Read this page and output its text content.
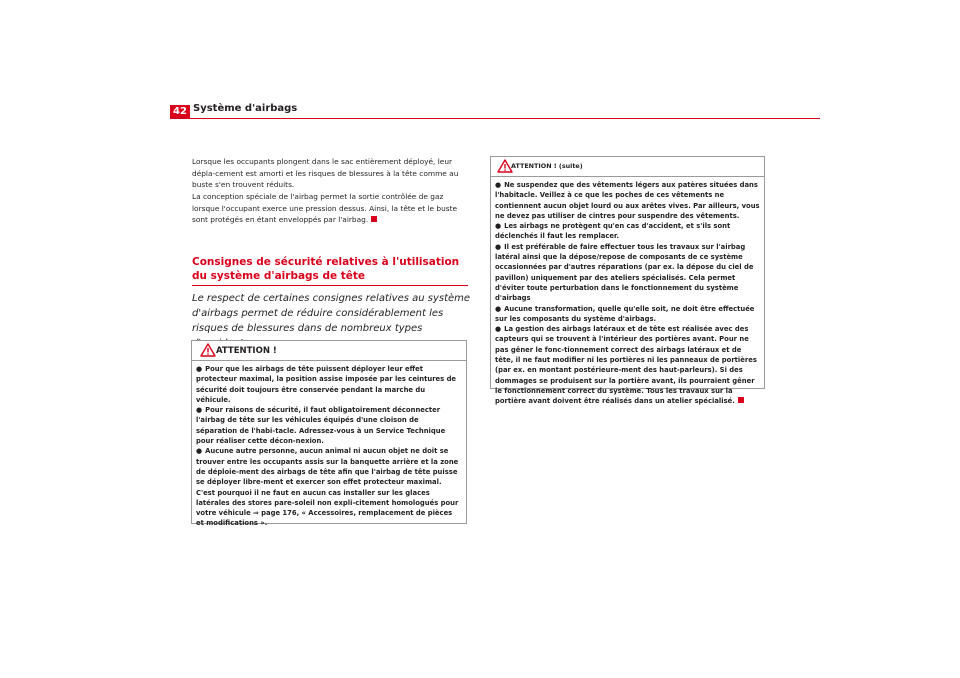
42 Système d'airbags

Lorsque les occupants plongent dans le sac entièrement déployé, leur dépla-cement est amorti et les risques de blessures à la tête comme au buste s'en trouvent réduits.

La conception spéciale de l'airbag permet la sortie contrôlée de gaz lorsque l'occupant exerce une pression dessus. Ainsi, la tête et le buste sont protégés en étant enveloppés par l'airbag.

Consignes de sécurité relatives à l'utilisation du système d'airbags de tête

Le respect de certaines consignes relatives au système d'airbags permet de réduire considérablement les risques de blessures dans de nombreux types

ATTENTION !

● Pour que les airbags de tête puissent déployer leur effet protecteur maximal, la position assise imposée par les ceintures de sécurité doit toujours être conservée pendant la marche du véhicule.

● Pour raisons de sécurité, il faut obligatoirement déconnecter l'airbag de tête sur les véhicules équipés d'une cloison de séparation de l'habi-tacle. Adressez-vous à un Service Technique pour réaliser cette décon-nexion.

● Aucune autre personne, aucun animal ni aucun objet ne doit se trouver entre les occupants assis sur la banquette arrière et la zone de déploie-ment des airbags de tête afin que l'airbag de tête puisse se déployer libre-ment et exercer son effet protecteur maximal. C'est pourquoi il ne faut en aucun cas installer sur les glaces latérales des stores pare-soleil non expli-citement homologués pour votre véhicule ⇒ page 176, « Accessoires, remplacement de pièces et modifications ».

ATTENTION ! (suite)

● Ne suspendez que des vêtements légers aux patères situées dans l'habitacle. Veillez à ce que les poches de ces vêtements ne contiennent aucun objet lourd ou aux arêtes vives. Par ailleurs, vous ne devez pas utiliser de cintres pour suspendre des vêtements.

● Les airbags ne protègent qu'en cas d'accident, et s'ils sont déclenchés il faut les remplacer.

● Il est préférable de faire effectuer tous les travaux sur l'airbag latéral ainsi que la dépose/repose de composants de ce système occasionnées par d'autres réparations (par ex. la dépose du ciel de pavillon) uniquement par des ateliers spécialisés. Cela permet d'éviter toute perturbation dans le fonctionnement du système d'airbags

● Aucune transformation, quelle qu'elle soit, ne doit être effectuée sur les composants du système d'airbags.

● La gestion des airbags latéraux et de tête est réalisée avec des capteurs qui se trouvent à l'intérieur des portières avant. Pour ne pas gêner le fonc-tionnement correct des airbags latéraux et de tête, il ne faut modifier ni les portières ni les panneaux de portières (par ex. en montant postérieure-ment des haut-parleurs). Si des dommages se produisent sur la portière avant, ils pourraient gêner le fonctionnement correct du système. Tous les travaux sur la portière avant doivent être réalisés dans un atelier spécialisé.
